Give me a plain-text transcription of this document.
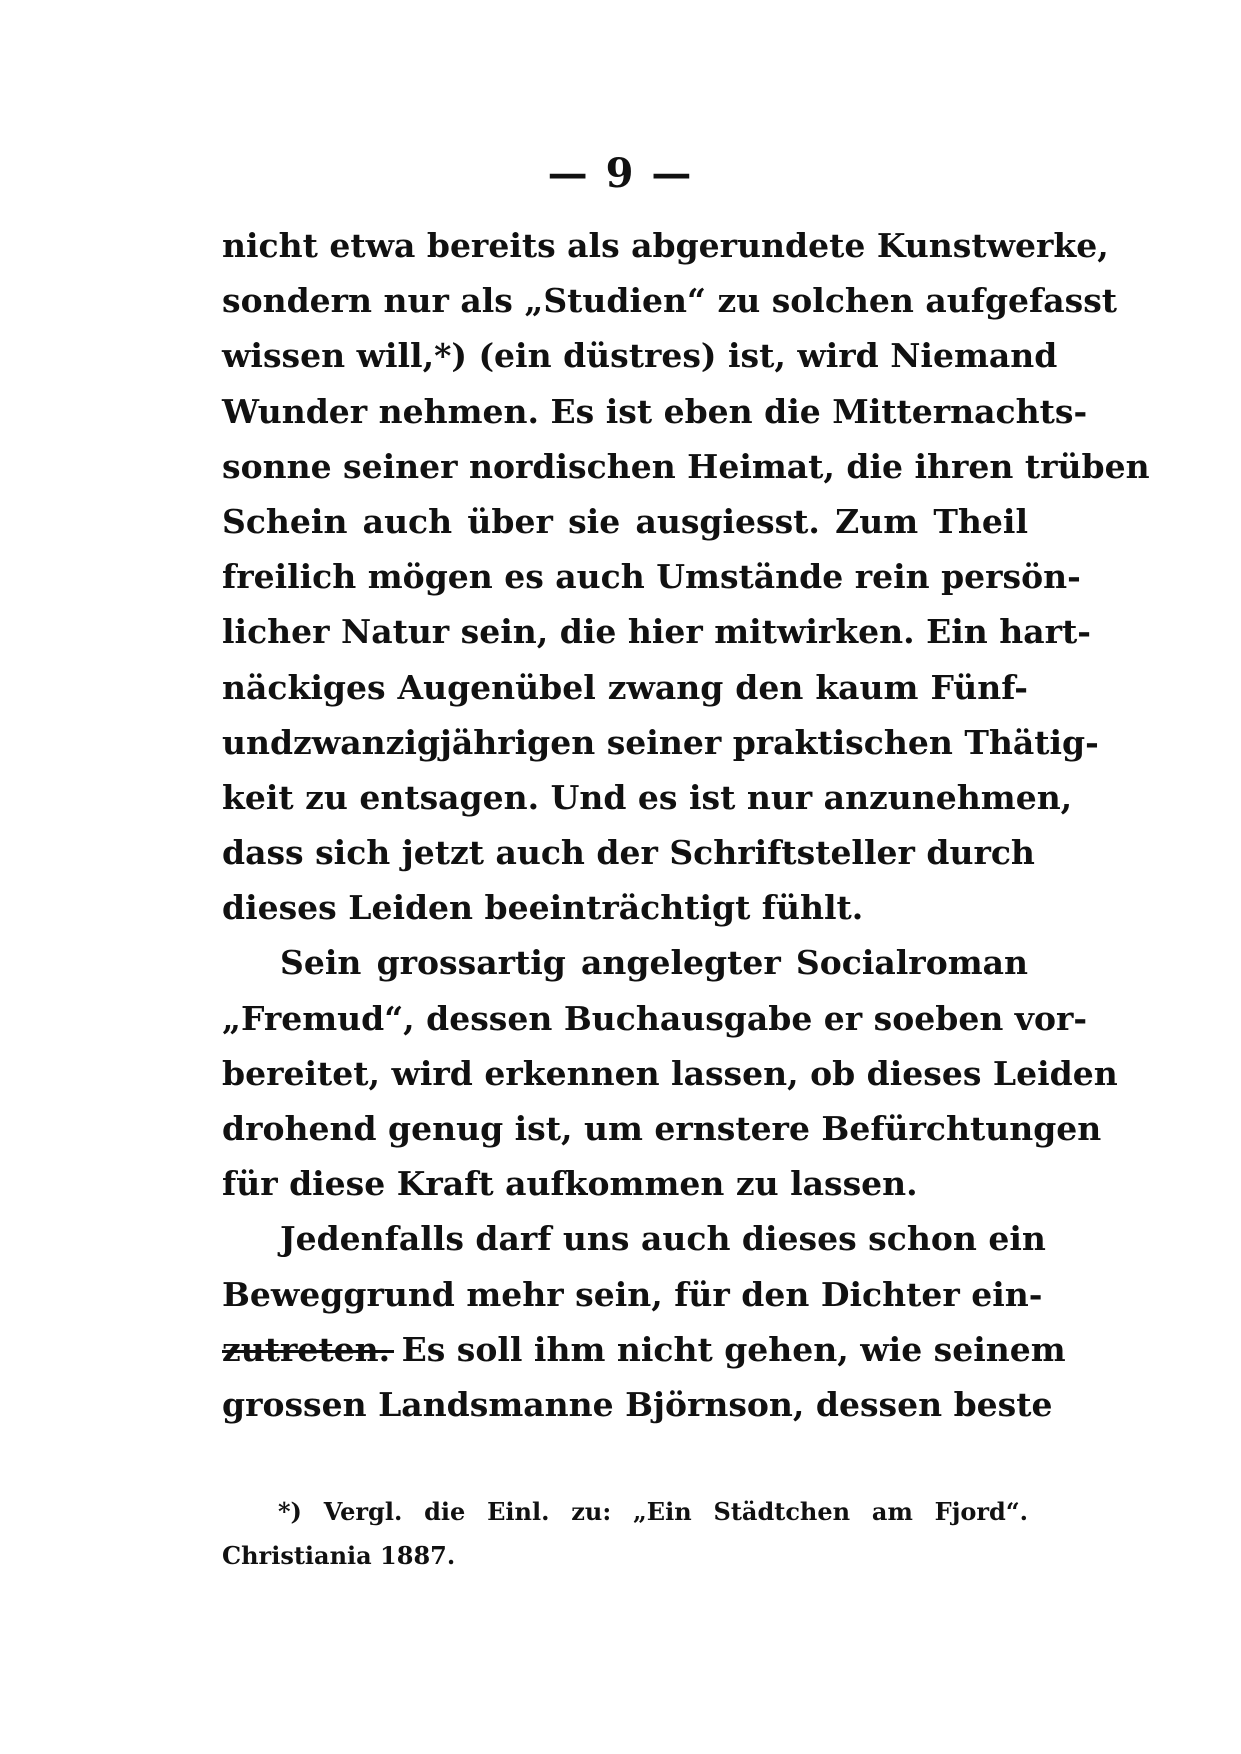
— 9 —
nicht etwa bereits als abgerundete Kunstwerke,
sondern nur als „Studien“ zu solchen aufgefasst
wissen will,*) (ein düstres) ist, wird Niemand
Wunder nehmen. Es ist eben die Mitternachts-
sonne seiner nordischen Heimat, die ihren trüben
Schein auch über sie ausgiesst. Zum Theil
freilich mögen es auch Umstände rein persön-
licher Natur sein, die hier mitwirken. Ein hart-
näckiges Augenübel zwang den kaum Fünf-
undzwanzigjährigen seiner praktischen Thätig-
keit zu entsagen. Und es ist nur anzunehmen,
dass sich jetzt auch der Schriftsteller durch
dieses Leiden beeinträchtigt fühlt.
Sein grossartig angelegter Socialroman
„Fremud“, dessen Buchausgabe er soeben vor-
bereitet, wird erkennen lassen, ob dieses Leiden
drohend genug ist, um ernstere Befürchtungen
für diese Kraft aufkommen zu lassen.
Jedenfalls darf uns auch dieses schon ein
Beweggrund mehr sein, für den Dichter ein-
zutreten. Es soll ihm nicht gehen, wie seinem
grossen Landsmanne Björnson, dessen beste
*) Vergl. die Einl. zu: „Ein Städtchen am Fjord“.
Christiania 1887.
